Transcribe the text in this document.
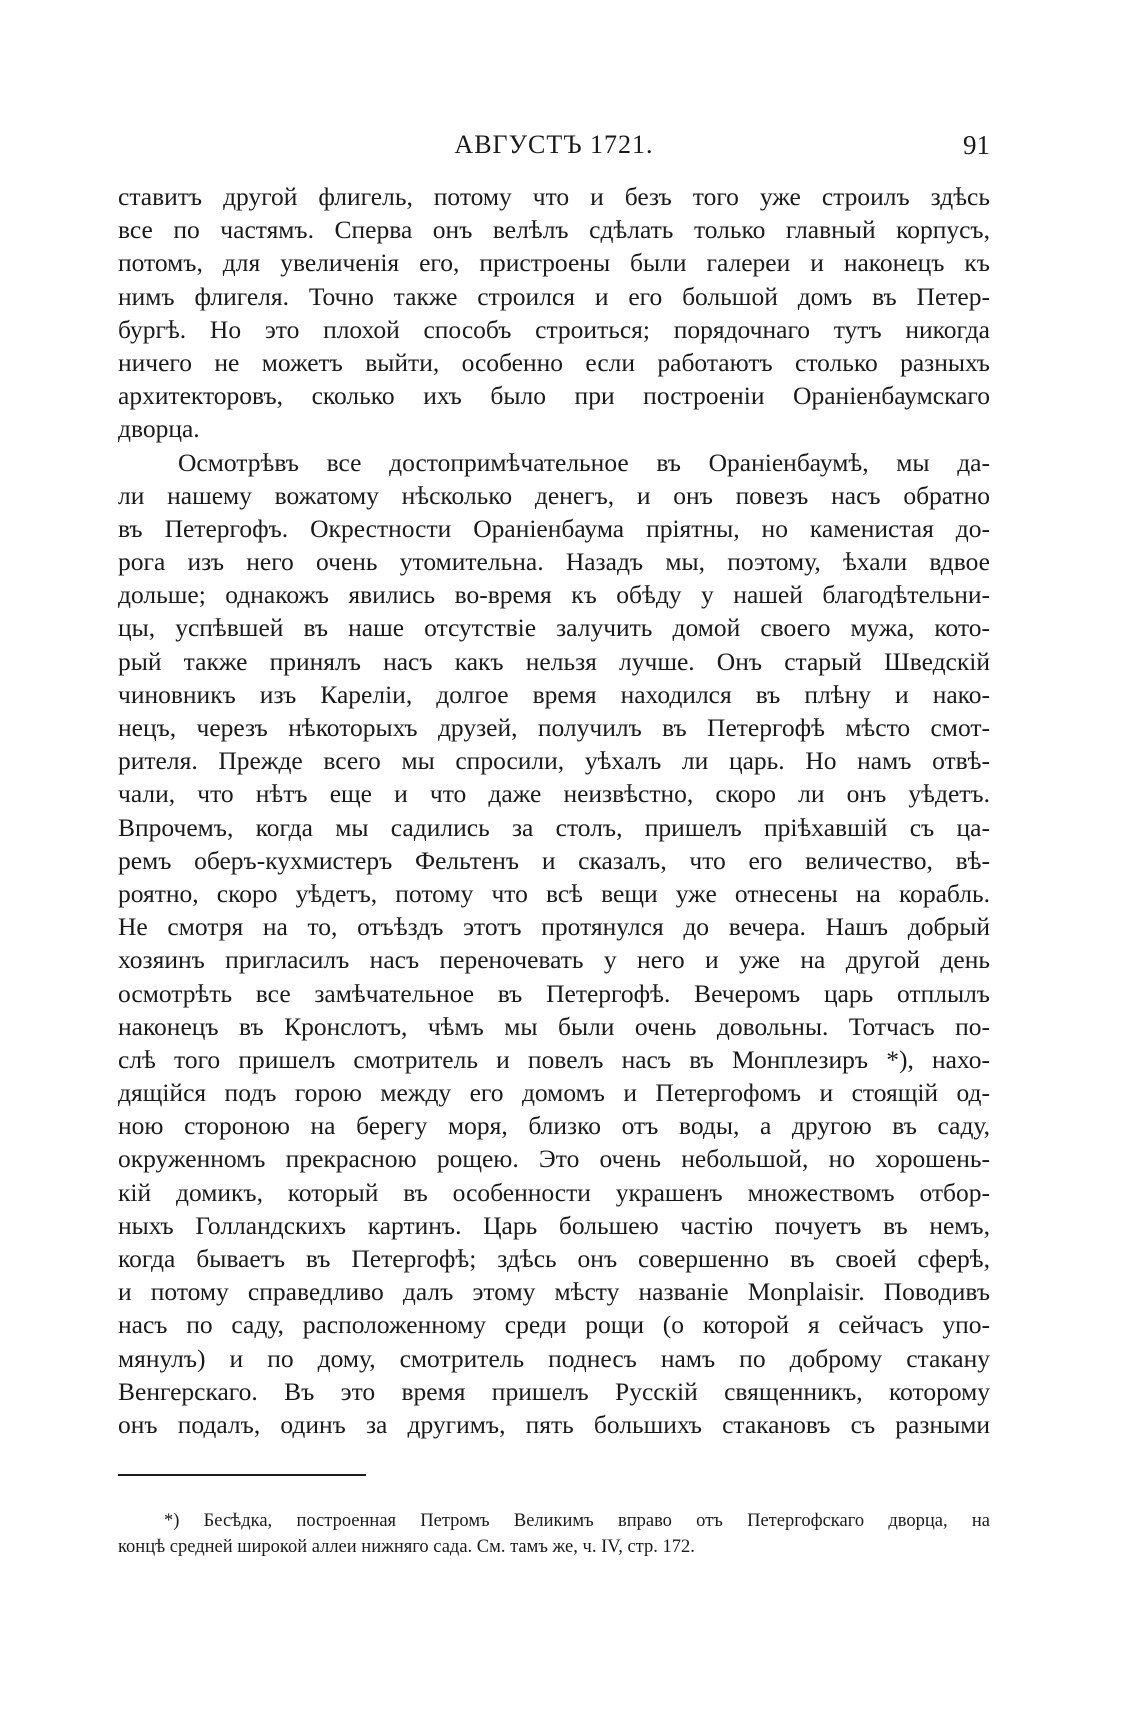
АВГУСТЪ 1721.	91
ставитъ другой флигель, потому что и безъ того уже строилъ здѣсь
все по частямъ. Сперва онъ велѣлъ сдѣлать только главный корпусъ,
потомъ, для увеличенія его, пристроены были галереи и наконецъ къ
нимъ флигеля. Точно также строился и его большой домъ въ Петер-
бургѣ. Но это плохой способъ строиться; порядочнаго тутъ никогда
ничего не можетъ выйти, особенно если работаютъ столько разныхъ
архитекторовъ, сколько ихъ было при построеніи Ораніенбаумскаго
дворца.
Осмотрѣвъ все достопримѣчательное въ Ораніенбаумѣ, мы да-
ли нашему вожатому нѣсколько денегъ, и онъ повезъ насъ обратно
въ Петергофъ. Окрестности Ораніенбаума пріятны, но каменистая до-
рога изъ него очень утомительна. Назадъ мы, поэтому, ѣхали вдвое
дольше; однакожъ явились во-время къ обѣду у нашей благодѣтельни-
цы, успѣвшей въ наше отсутствіе залучить домой своего мужа, кото-
рый также принялъ насъ какъ нельзя лучше. Онъ старый Шведскій
чиновникъ изъ Кареліи, долгое время находился въ плѣну и нако-
нецъ, черезъ нѣкоторыхъ друзей, получилъ въ Петергофѣ мѣсто смот-
рителя. Прежде всего мы спросили, уѣхалъ ли царь. Но намъ отвѣ-
чали, что нѣтъ еще и что даже неизвѣстно, скоро ли онъ уѣдетъ.
Впрочемъ, когда мы садились за столъ, пришелъ пріѣхавшій съ ца-
ремъ оберъ-кухмистеръ Фельтенъ и сказалъ, что его величество, вѣ-
роятно, скоро уѣдетъ, потому что всѣ вещи уже отнесены на корабль.
Не смотря на то, отъѣздъ этотъ протянулся до вечера. Нашъ добрый
хозяинъ пригласилъ насъ переночевать у него и уже на другой день
осмотрѣть все замѣчательное въ Петергофѣ. Вечеромъ царь отплылъ
наконецъ въ Кронслотъ, чѣмъ мы были очень довольны. Тотчасъ по-
слѣ того пришелъ смотритель и повелъ насъ въ Монплезиръ *), нахо-
дящійся подъ горою между его домомъ и Петергофомъ и стоящій од-
ною стороною на берегу моря, близко отъ воды, а другою въ саду,
окруженномъ прекрасною рощею. Это очень небольшой, но хорошень-
кій домикъ, который въ особенности украшенъ множествомъ отбор-
ныхъ Голландскихъ картинъ. Царь большею частію почуетъ въ немъ,
когда бываетъ въ Петергофѣ; здѣсь онъ совершенно въ своей сферѣ,
и потому справедливо далъ этому мѣсту названіе Monplaisir. Поводивъ
насъ по саду, расположенному среди рощи (о которой я сейчасъ упо-
мянулъ) и по дому, смотритель поднесъ намъ по доброму стакану
Венгерскаго. Въ это время пришелъ Русскій священникъ, которому
онъ подалъ, одинъ за другимъ, пять большихъ стакановъ съ разными
*) Бесѣдка, построенная Петромъ Великимъ вправо отъ Петергофскаго дворца, на
концѣ средней широкой аллеи нижняго сада. См. тамъ же, ч. IV, стр. 172.
